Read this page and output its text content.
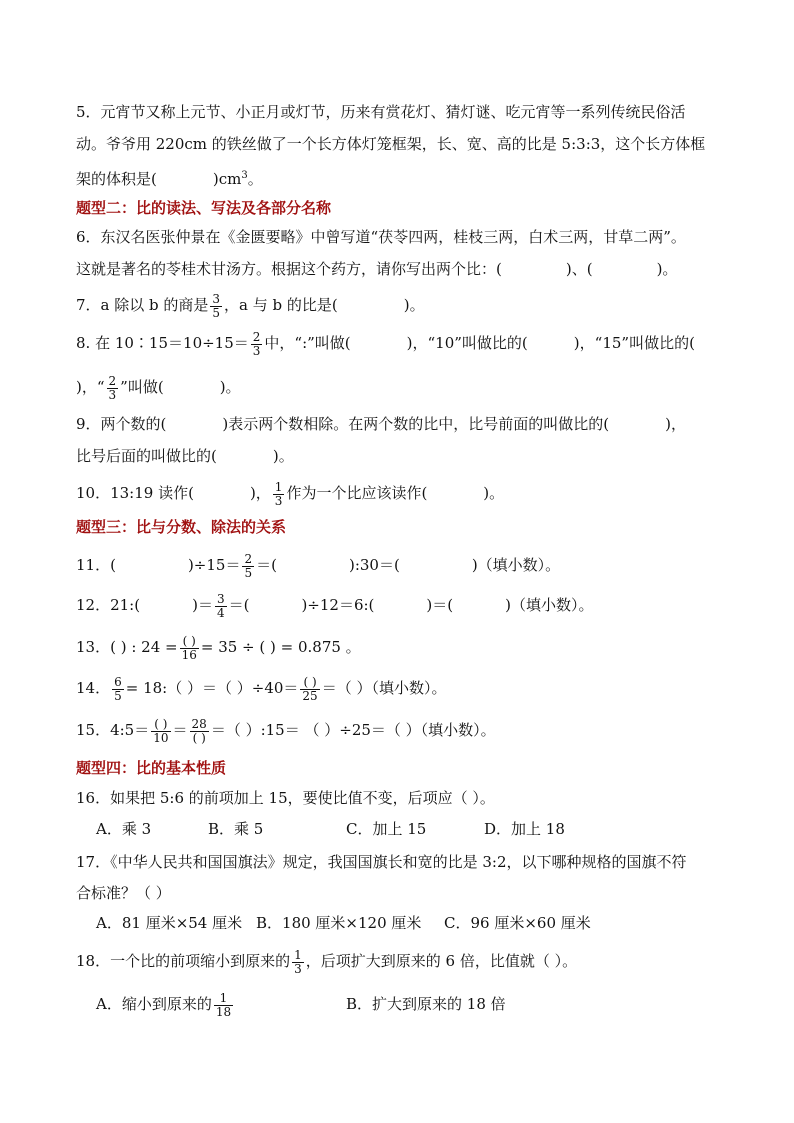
5．元宵节又称上元节、小正月或灯节，历来有赏花灯、猜灯谜、吃元宵等一系列传统民俗活
动。爷爷用 220cm 的铁丝做了一个长方体灯笼框架，长、宽、高的比是 5:3:3，这个长方体框
架的体积是(	)$cm^3$。
题型二：比的读法、写法及各部分名称
6．东汉名医张仲景在《金匮要略》中曾写道“茯苓四两，桂枝三两，白术三两，甘草二两”。
这就是著名的苓桂术甘汤方。根据这个药方，请你写出两个比：(	)、(	)。
7．a 除以 b 的商是 $\frac{3}{5}$ ，a 与 b 的比是(	)。
8. 在 10∶15＝10÷15＝ $\frac{2}{3}$ 中，“:”叫做(	)，“10”叫做比的(	)，“15”叫做比的(
)，“ $\frac{2}{3}$ ”叫做(	)。
9．两个数的(	)表示两个数相除。在两个数的比中，比号前面的叫做比的(	)，
比号后面的叫做比的(	)。
10．13:19 读作(	)， $\frac{1}{3}$ 作为一个比应该读作(	)。
题型三：比与分数、除法的关系
11．(	)$\div 15= \frac{2}{5}$ ＝(	):30＝(	)（填小数）。
12．21:(	)＝ $\frac{3}{4}$ ＝(	)÷12＝6:(	)＝(	)（填小数）。
13．( ) : $24 = \frac{( )}{16} = 35$ ÷ ( ) = 0.875 。
14． $\frac{6}{5}$ = 18:（ ）＝（ ）$\div 40= \frac{( )}{25}$ ＝（ ）（填小数）。
15．4:5＝ $\frac{( )}{10} = \frac{28}{( )}$ ＝（ ）:15＝ （ ）÷25＝（ ）（填小数）。
题型四：比的基本性质
16．如果把 5:6 的前项加上 15，要使比值不变，后项应（ ）。
A．乘 3	B．乘 5	C．加上 15	D．加上 18
17．《中华人民共和国国旗法》规定，我国国旗长和宽的比是 3:2，以下哪种规格的国旗不符
合标准？（ ）
A．81 厘米×54 厘米 B．180 厘米×120 厘米 C．96 厘米×60 厘米
18．一个比的前项缩小到原来的 $\frac{1}{3}$ ，后项扩大到原来的 6 倍，比值就（ ）。
A．缩小到原来的 $\frac{1}{18}$	B．扩大到原来的 18 倍
